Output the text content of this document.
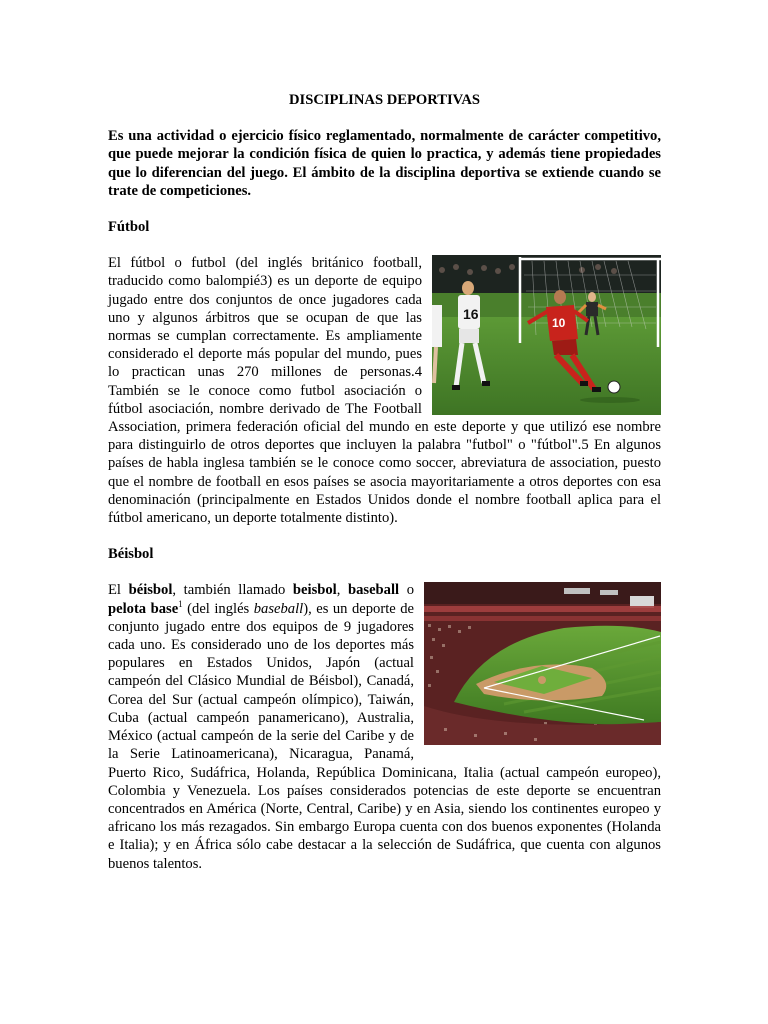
DISCIPLINAS DEPORTIVAS
Es una actividad o ejercicio físico reglamentado, normalmente de carácter competitivo, que puede mejorar la condición física de quien lo practica, y además tiene propiedades que lo diferencian del juego. El ámbito de la disciplina deportiva se extiende cuando se trate de competiciones.
Fútbol
16
10

El fútbol o futbol (del inglés británico football, traducido como balompié3) es un deporte de equipo jugado entre dos conjuntos de once jugadores cada uno y algunos árbitros que se ocupan de que las normas se cumplan correctamente. Es ampliamente considerado el deporte más popular del mundo, pues lo practican unas 270 millones de personas.4 También se le conoce como futbol asociación o fútbol asociación, nombre derivado de The Football Association, primera federación oficial del mundo en este deporte y que utilizó ese nombre para distinguirlo de otros deportes que incluyen la palabra "futbol" o "fútbol".5 En algunos países de habla inglesa también se le conoce como soccer, abreviatura de association, puesto que el nombre de football en esos países se asocia mayoritariamente a otros deportes con esa denominación (principalmente en Estados Unidos donde el nombre football aplica para el fútbol americano, un deporte totalmente distinto).

Béisbol

El béisbol, también llamado beisbol, baseball o pelota base$^1$ (del inglés baseball), es un deporte de conjunto jugado entre dos equipos de 9 jugadores cada uno. Es considerado uno de los deportes más populares en Estados Unidos, Japón (actual campeón del Clásico Mundial de Béisbol), Canadá, Corea del Sur (actual campeón olímpico), Taiwán, Cuba (actual campeón panamericano), Australia, México (actual campeón de la serie del Caribe y de la Serie Latinoamericana), Nicaragua, Panamá, Puerto Rico, Sudáfrica, Holanda, República Dominicana, Italia (actual campeón europeo), Colombia y Venezuela. Los países considerados potencias de este deporte se encuentran concentrados en América (Norte, Central, Caribe) y en Asia, siendo los continentes europeo y africano los más rezagados. Sin embargo Europa cuenta con dos buenos exponentes (Holanda e Italia); y en África sólo cabe destacar a la selección de Sudáfrica, que cuenta con algunos buenos talentos.
